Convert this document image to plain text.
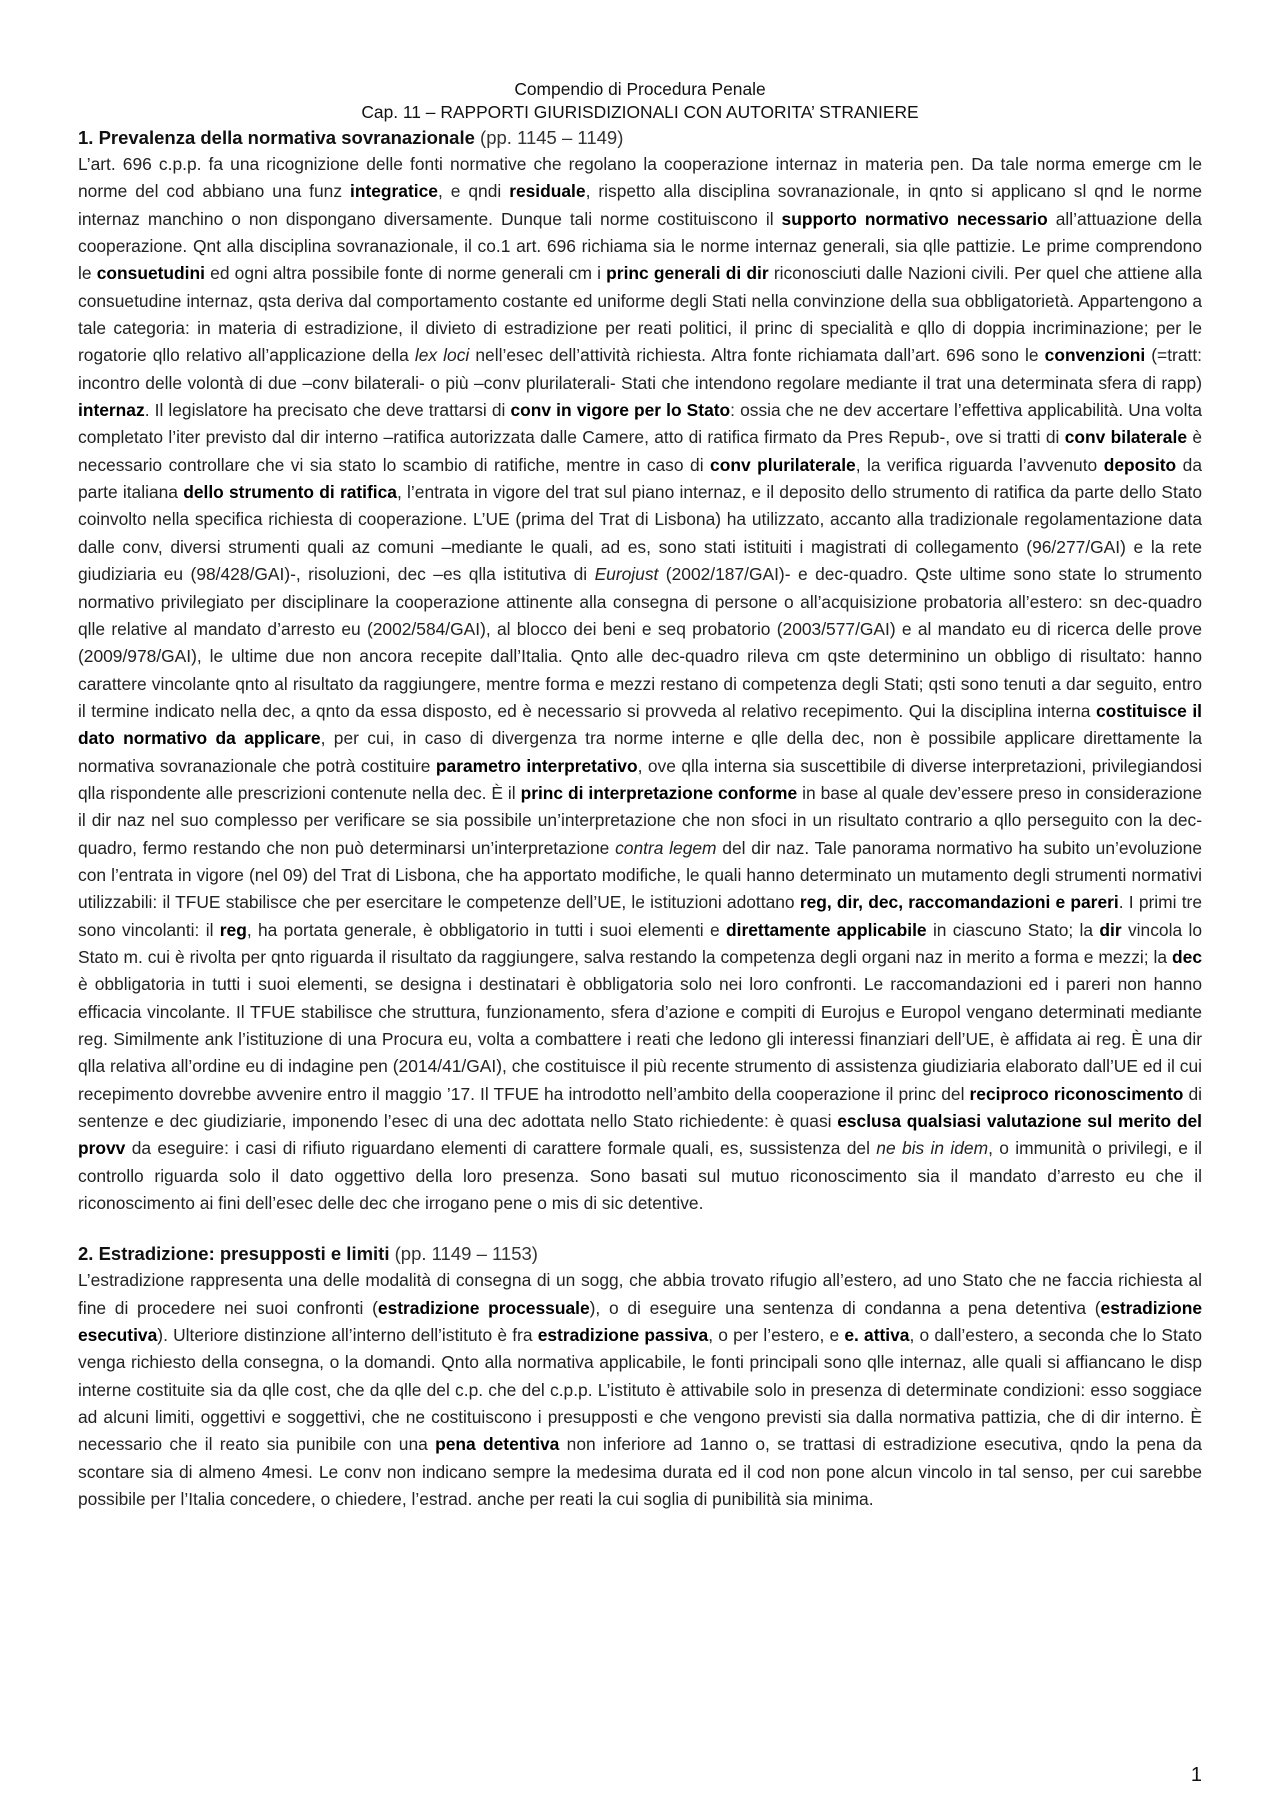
Compendio di Procedura Penale

Cap. 11 – RAPPORTI GIURISDIZIONALI CON AUTORITA’ STRANIERE

1. Prevalenza della normativa sovranazionale (pp. 1145 – 1149)

L’art. 696 c.p.p. fa una ricognizione delle fonti normative che regolano la cooperazione internaz in materia pen. Da tale norma emerge cm le norme del cod abbiano una funz integratice, e qndi residuale, rispetto alla disciplina sovranazionale, in qnto si applicano sl qnd le norme internaz manchino o non dispongano diversamente. Dunque tali norme costituiscono il supporto normativo necessario all’attuazione della cooperazione. Qnt alla disciplina sovranazionale, il co.1 art. 696 richiama sia le norme internaz generali, sia qlle pattizie. Le prime comprendono le consuetudini ed ogni altra possibile fonte di norme generali cm i princ generali di dir riconosciuti dalle Nazioni civili. Per quel che attiene alla consuetudine internaz, qsta deriva dal comportamento costante ed uniforme degli Stati nella convinzione della sua obbligatorietà. Appartengono a tale categoria: in materia di estradizione, il divieto di estradizione per reati politici, il princ di specialità e qllo di doppia incriminazione; per le rogatorie qllo relativo all’applicazione della lex loci nell’esec dell’attività richiesta. Altra fonte richiamata dall’art. 696 sono le convenzioni (=tratt: incontro delle volontà di due –conv bilaterali- o più –conv plurilaterali- Stati che intendono regolare mediante il trat una determinata sfera di rapp) internaz. Il legislatore ha precisato che deve trattarsi di conv in vigore per lo Stato: ossia che ne dev accertare l’effettiva applicabilità. Una volta completato l’iter previsto dal dir interno –ratifica autorizzata dalle Camere, atto di ratifica firmato da Pres Repub-, ove si tratti di conv bilaterale è necessario controllare che vi sia stato lo scambio di ratifiche, mentre in caso di conv plurilaterale, la verifica riguarda l’avvenuto deposito da parte italiana dello strumento di ratifica, l’entrata in vigore del trat sul piano internaz, e il deposito dello strumento di ratifica da parte dello Stato coinvolto nella specifica richiesta di cooperazione. L’UE (prima del Trat di Lisbona) ha utilizzato, accanto alla tradizionale regolamentazione data dalle conv, diversi strumenti quali az comuni –mediante le quali, ad es, sono stati istituiti i magistrati di collegamento (96/277/GAI) e la rete giudiziaria eu (98/428/GAI)-, risoluzioni, dec –es qlla istitutiva di Eurojust (2002/187/GAI)- e dec-quadro. Qste ultime sono state lo strumento normativo privilegiato per disciplinare la cooperazione attinente alla consegna di persone o all’acquisizione probatoria all’estero: sn dec-quadro qlle relative al mandato d’arresto eu (2002/584/GAI), al blocco dei beni e seq probatorio (2003/577/GAI) e al mandato eu di ricerca delle prove (2009/978/GAI), le ultime due non ancora recepite dall’Italia. Qnto alle dec-quadro rileva cm qste determinino un obbligo di risultato: hanno carattere vincolante qnto al risultato da raggiungere, mentre forma e mezzi restano di competenza degli Stati; qsti sono tenuti a dar seguito, entro il termine indicato nella dec, a qnto da essa disposto, ed è necessario si provveda al relativo recepimento. Qui la disciplina interna costituisce il dato normativo da applicare, per cui, in caso di divergenza tra norme interne e qlle della dec, non è possibile applicare direttamente la normativa sovranazionale che potrà costituire parametro interpretativo, ove qlla interna sia suscettibile di diverse interpretazioni, privilegiandosi qlla rispondente alle prescrizioni contenute nella dec. È il princ di interpretazione conforme in base al quale dev’essere preso in considerazione il dir naz nel suo complesso per verificare se sia possibile un’interpretazione che non sfoci in un risultato contrario a qllo perseguito con la dec-quadro, fermo restando che non può determinarsi un’interpretazione contra legem del dir naz. Tale panorama normativo ha subito un’evoluzione con l’entrata in vigore (nel 09) del Trat di Lisbona, che ha apportato modifiche, le quali hanno determinato un mutamento degli strumenti normativi utilizzabili: il TFUE stabilisce che per esercitare le competenze dell’UE, le istituzioni adottano reg, dir, dec, raccomandazioni e pareri. I primi tre sono vincolanti: il reg, ha portata generale, è obbligatorio in tutti i suoi elementi e direttamente applicabile in ciascuno Stato; la dir vincola lo Stato m. cui è rivolta per qnto riguarda il risultato da raggiungere, salva restando la competenza degli organi naz in merito a forma e mezzi; la dec è obbligatoria in tutti i suoi elementi, se designa i destinatari è obbligatoria solo nei loro confronti. Le raccomandazioni ed i pareri non hanno efficacia vincolante. Il TFUE stabilisce che struttura, funzionamento, sfera d’azione e compiti di Eurojus e Europol vengano determinati mediante reg. Similmente ank l’istituzione di una Procura eu, volta a combattere i reati che ledono gli interessi finanziari dell’UE, è affidata ai reg. È una dir qlla relativa all’ordine eu di indagine pen (2014/41/GAI), che costituisce il più recente strumento di assistenza giudiziaria elaborato dall’UE ed il cui recepimento dovrebbe avvenire entro il maggio ’17. Il TFUE ha introdotto nell’ambito della cooperazione il princ del reciproco riconoscimento di sentenze e dec giudiziarie, imponendo l’esec di una dec adottata nello Stato richiedente: è quasi esclusa qualsiasi valutazione sul merito del provv da eseguire: i casi di rifiuto riguardano elementi di carattere formale quali, es, sussistenza del ne bis in idem, o immunità o privilegi, e il controllo riguarda solo il dato oggettivo della loro presenza. Sono basati sul mutuo riconoscimento sia il mandato d’arresto eu che il riconoscimento ai fini dell’esec delle dec che irrogano pene o mis di sic detentive.

2. Estradizione: presupposti e limiti (pp. 1149 – 1153)

L’estradizione rappresenta una delle modalità di consegna di un sogg, che abbia trovato rifugio all’estero, ad uno Stato che ne faccia richiesta al fine di procedere nei suoi confronti (estradizione processuale), o di eseguire una sentenza di condanna a pena detentiva (estradizione esecutiva). Ulteriore distinzione all’interno dell’istituto è fra estradizione passiva, o per l’estero, e e. attiva, o dall’estero, a seconda che lo Stato venga richiesto della consegna, o la domandi. Qnto alla normativa applicabile, le fonti principali sono qlle internaz, alle quali si affiancano le disp interne costituite sia da qlle cost, che da qlle del c.p. che del c.p.p. L’istituto è attivabile solo in presenza di determinate condizioni: esso soggiace ad alcuni limiti, oggettivi e soggettivi, che ne costituiscono i presupposti e che vengono previsti sia dalla normativa pattizia, che di dir interno. È necessario che il reato sia punibile con una pena detentiva non inferiore ad 1anno o, se trattasi di estradizione esecutiva, qndo la pena da scontare sia di almeno 4mesi. Le conv non indicano sempre la medesima durata ed il cod non pone alcun vincolo in tal senso, per cui sarebbe possibile per l’Italia concedere, o chiedere, l’estrad. anche per reati la cui soglia di punibilità sia minima.

1
